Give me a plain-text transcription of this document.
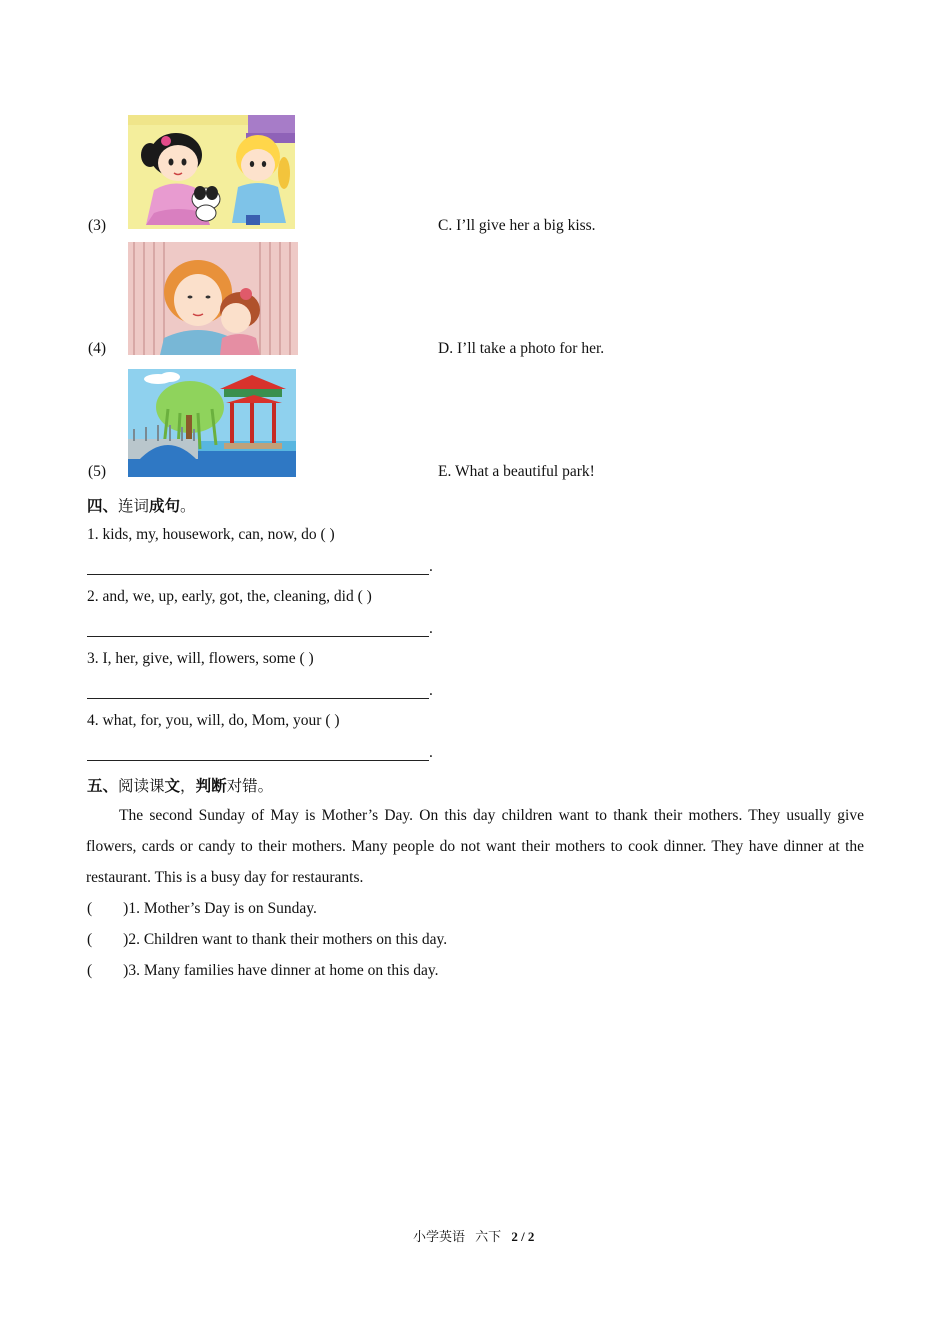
(3)	C. I’ll give her a big kiss.
(4)	D. I’ll take a photo for her.
(5)	E. What a beautiful park!
四、连词成句。
1. kids, my, housework, can, now, do ( )
.
2. and, we, up, early, got, the, cleaning, did ( )
.
3. I, her, give, will, flowers, some ( )
.
4. what, for, you, will, do, Mom, your ( )
.
五、阅读课文，判断对错。
The second Sunday of May is Mother’s Day. On this day children want to thank their mothers. They usually give flowers, cards or candy to their mothers. Many people do not want their mothers to cook dinner. They have dinner at the restaurant. This is a busy day for restaurants.
(        )1. Mother’s Day is on Sunday.
(        )2. Children want to thank their mothers on this day.
(        )3. Many families have dinner at home on this day.
小学英语 六下 2 / 2
